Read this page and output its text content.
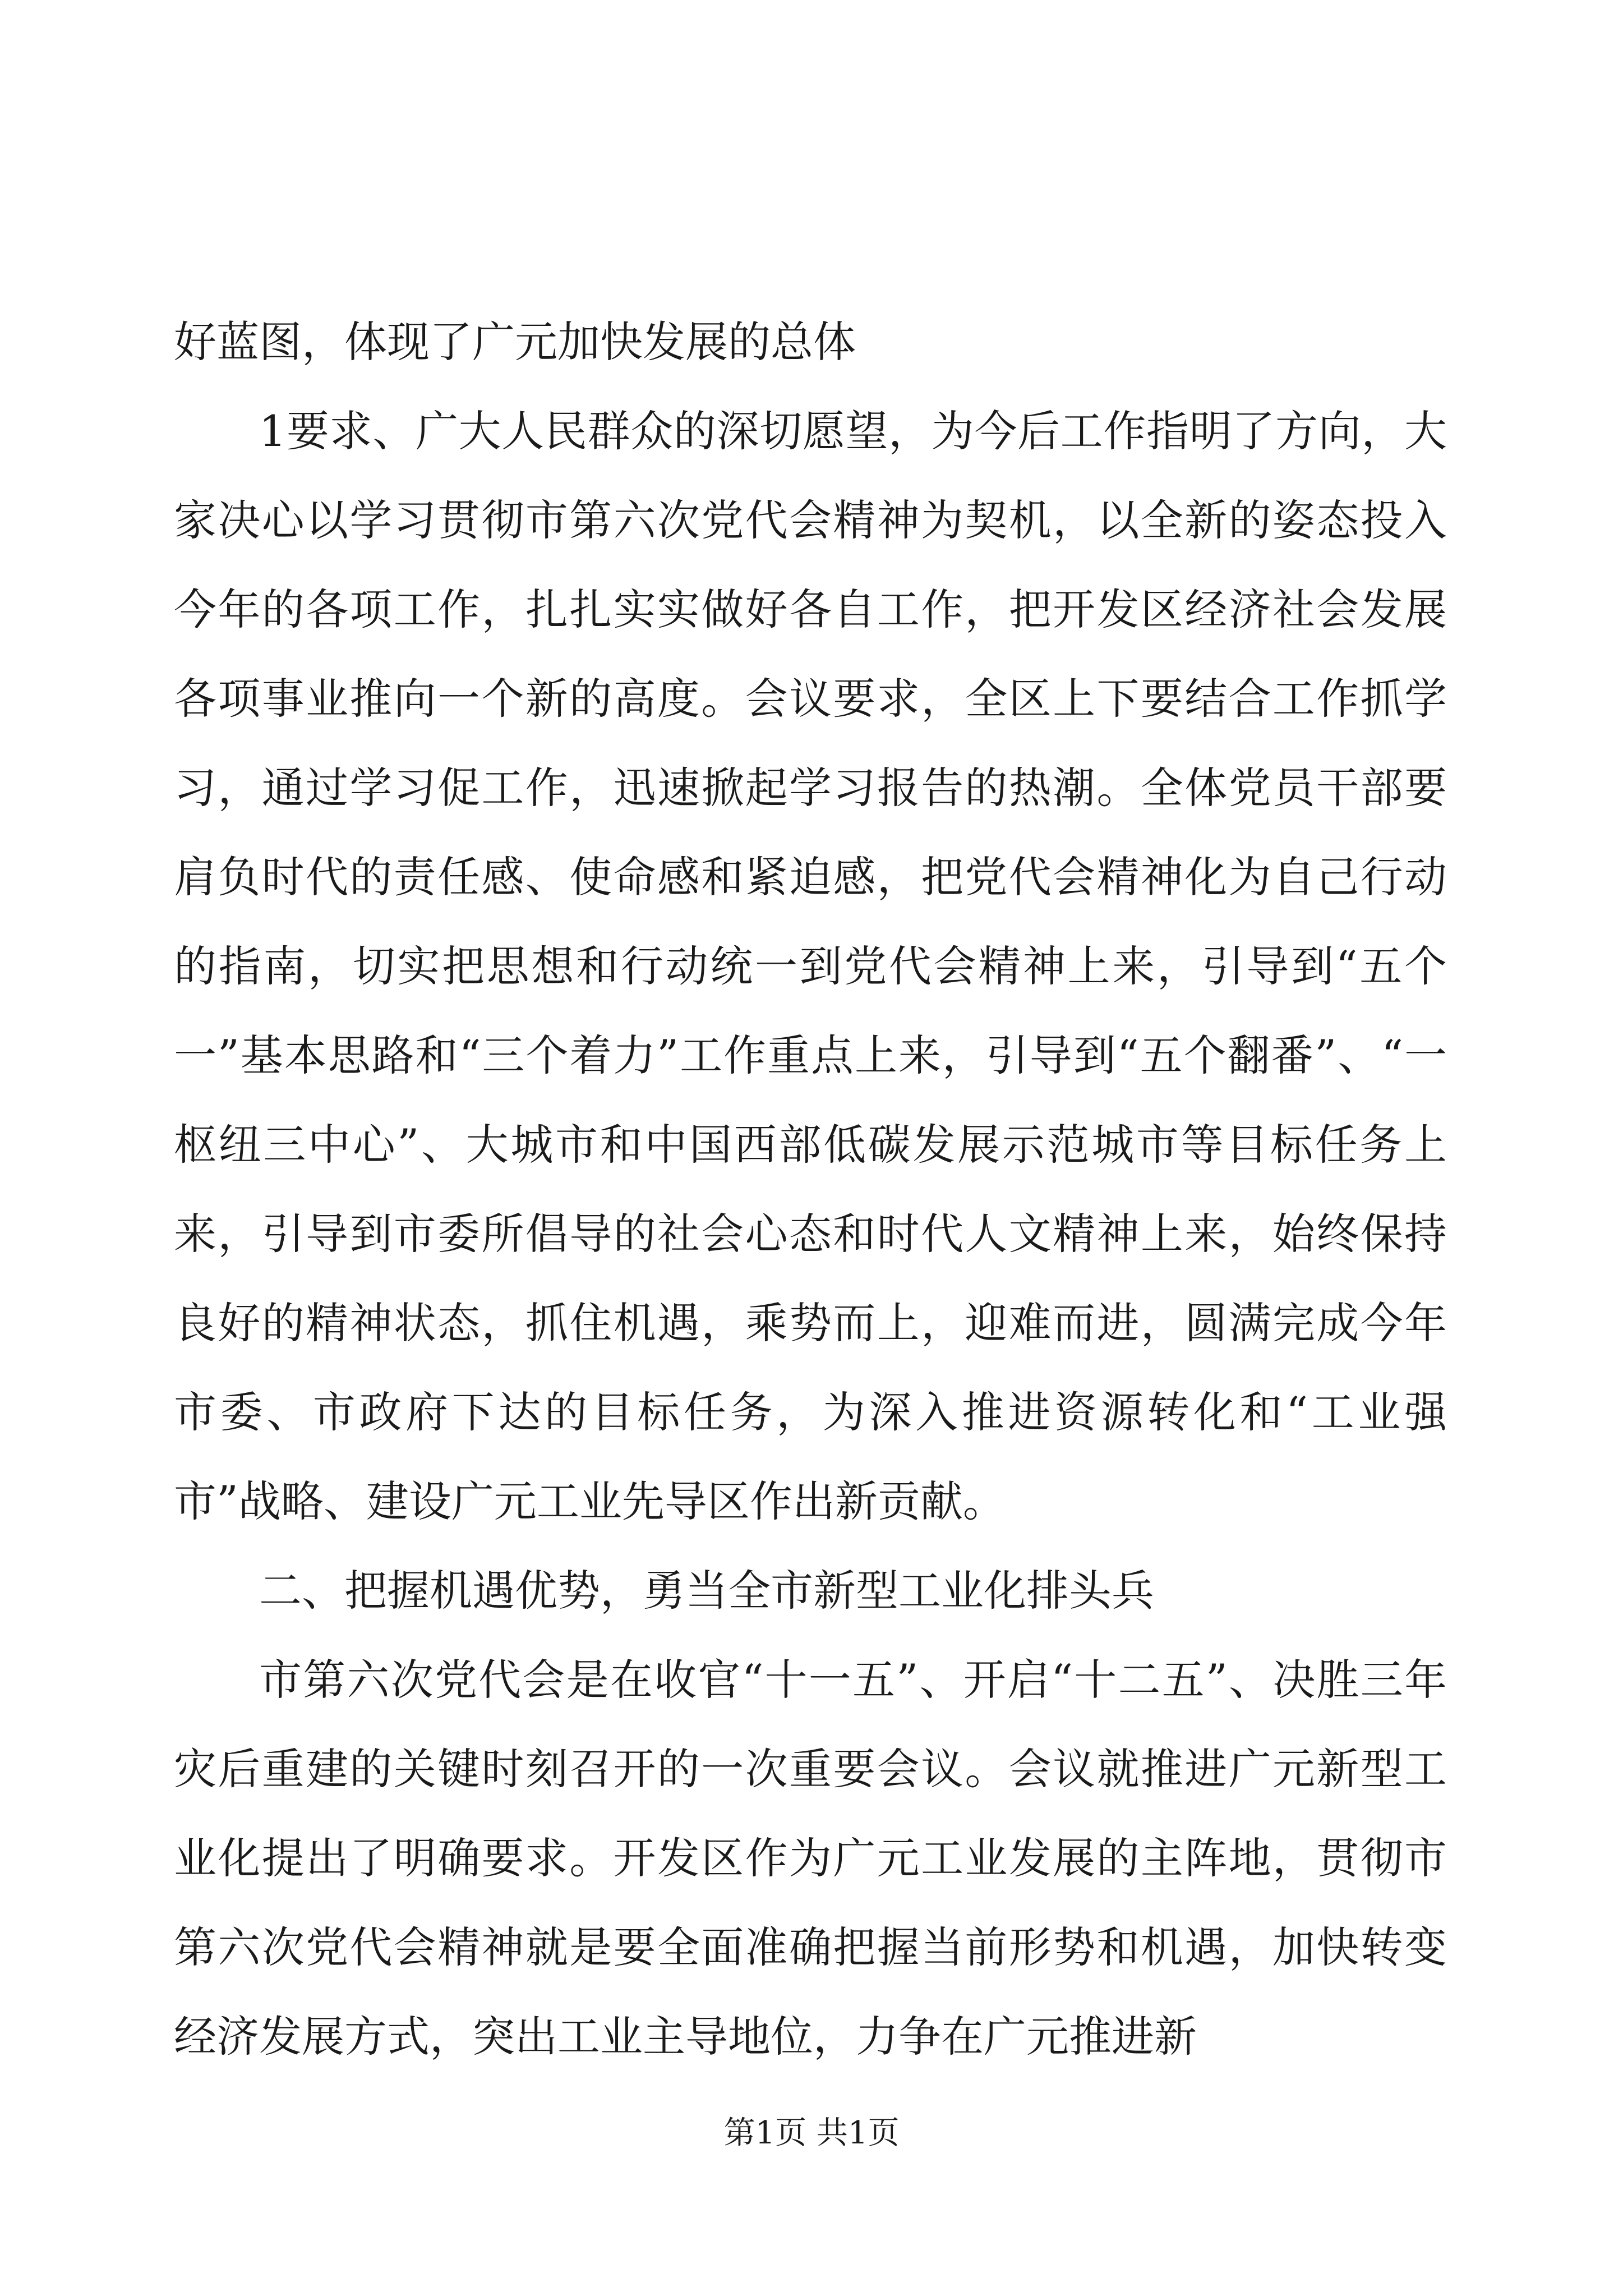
好蓝图，体现了广元加快发展的总体

1要求、广大人民群众的深切愿望，为今后工作指明了方向，大家决心以学习贯彻市第六次党代会精神为契机，以全新的姿态投入今年的各项工作，扎扎实实做好各自工作，把开发区经济社会发展各项事业推向一个新的高度。会议要求，全区上下要结合工作抓学习，通过学习促工作，迅速掀起学习报告的热潮。全体党员干部要肩负时代的责任感、使命感和紧迫感，把党代会精神化为自己行动的指南，切实把思想和行动统一到党代会精神上来，引导到“五个一”基本思路和“三个着力”工作重点上来，引导到“五个翻番”、“一枢纽三中心”、大城市和中国西部低碳发展示范城市等目标任务上来，引导到市委所倡导的社会心态和时代人文精神上来，始终保持良好的精神状态，抓住机遇，乘势而上，迎难而进，圆满完成今年市委、市政府下达的目标任务，为深入推进资源转化和“工业强市”战略、建设广元工业先导区作出新贡献。

二、把握机遇优势，勇当全市新型工业化排头兵

市第六次党代会是在收官“十一五”、开启“十二五”、决胜三年灾后重建的关键时刻召开的一次重要会议。会议就推进广元新型工业化提出了明确要求。开发区作为广元工业发展的主阵地，贯彻市第六次党代会精神就是要全面准确把握当前形势和机遇，加快转变经济发展方式，突出工业主导地位，力争在广元推进新

第1页 共1页
